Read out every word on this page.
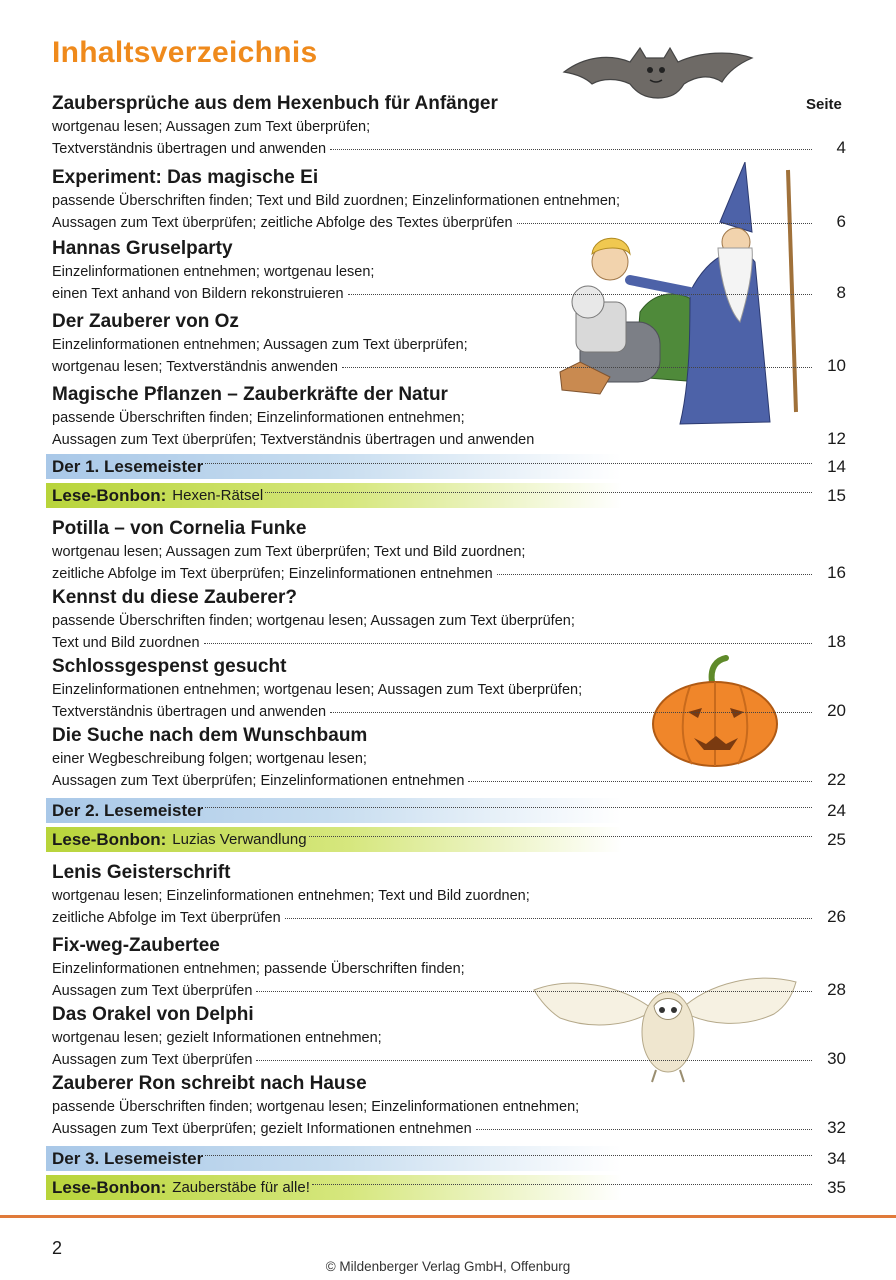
Inhaltsverzeichnis
Seite
Zaubersprüche aus dem Hexenbuch für Anfänger
wortgenau lesen; Aussagen zum Text überprüfen;
Textverständnis übertragen und anwenden	4
Experiment: Das magische Ei
passende Überschriften finden; Text und Bild zuordnen; Einzelinformationen entnehmen;
Aussagen zum Text überprüfen; zeitliche Abfolge des Textes überprüfen	6
Hannas Gruselparty
Einzelinformationen entnehmen; wortgenau lesen;
einen Text anhand von Bildern rekonstruieren	8
Der Zauberer von Oz
Einzelinformationen entnehmen; Aussagen zum Text überprüfen;
wortgenau lesen; Textverständnis anwenden	10
Magische Pflanzen – Zauberkräfte der Natur
passende Überschriften finden; Einzelinformationen entnehmen;
Aussagen zum Text überprüfen; Textverständnis übertragen und anwenden	12
Der 1. Lesemeister	14
Lese-Bonbon: Hexen-Rätsel	15
Potilla – von Cornelia Funke
wortgenau lesen; Aussagen zum Text überprüfen; Text und Bild zuordnen;
zeitliche Abfolge im Text überprüfen; Einzelinformationen entnehmen	16
Kennst du diese Zauberer?
passende Überschriften finden; wortgenau lesen; Aussagen zum Text überprüfen;
Text und Bild zuordnen	18
Schlossgespenst gesucht
Einzelinformationen entnehmen; wortgenau lesen; Aussagen zum Text überprüfen;
Textverständnis übertragen und anwenden	20
Die Suche nach dem Wunschbaum
einer Wegbeschreibung folgen; wortgenau lesen;
Aussagen zum Text überprüfen; Einzelinformationen entnehmen	22
Der 2. Lesemeister	24
Lese-Bonbon: Luzias Verwandlung	25
Lenis Geisterschrift
wortgenau lesen; Einzelinformationen entnehmen; Text und Bild zuordnen;
zeitliche Abfolge im Text überprüfen	26
Fix-weg-Zaubertee
Einzelinformationen entnehmen; passende Überschriften finden;
Aussagen zum Text überprüfen	28
Das Orakel von Delphi
wortgenau lesen; gezielt Informationen entnehmen;
Aussagen zum Text überprüfen	30
Zauberer Ron schreibt nach Hause
passende Überschriften finden; wortgenau lesen; Einzelinformationen entnehmen;
Aussagen zum Text überprüfen; gezielt Informationen entnehmen	32
Der 3. Lesemeister	34
Lese-Bonbon: Zauberstäbe für alle!	35
2
© Mildenberger Verlag GmbH, Offenburg
